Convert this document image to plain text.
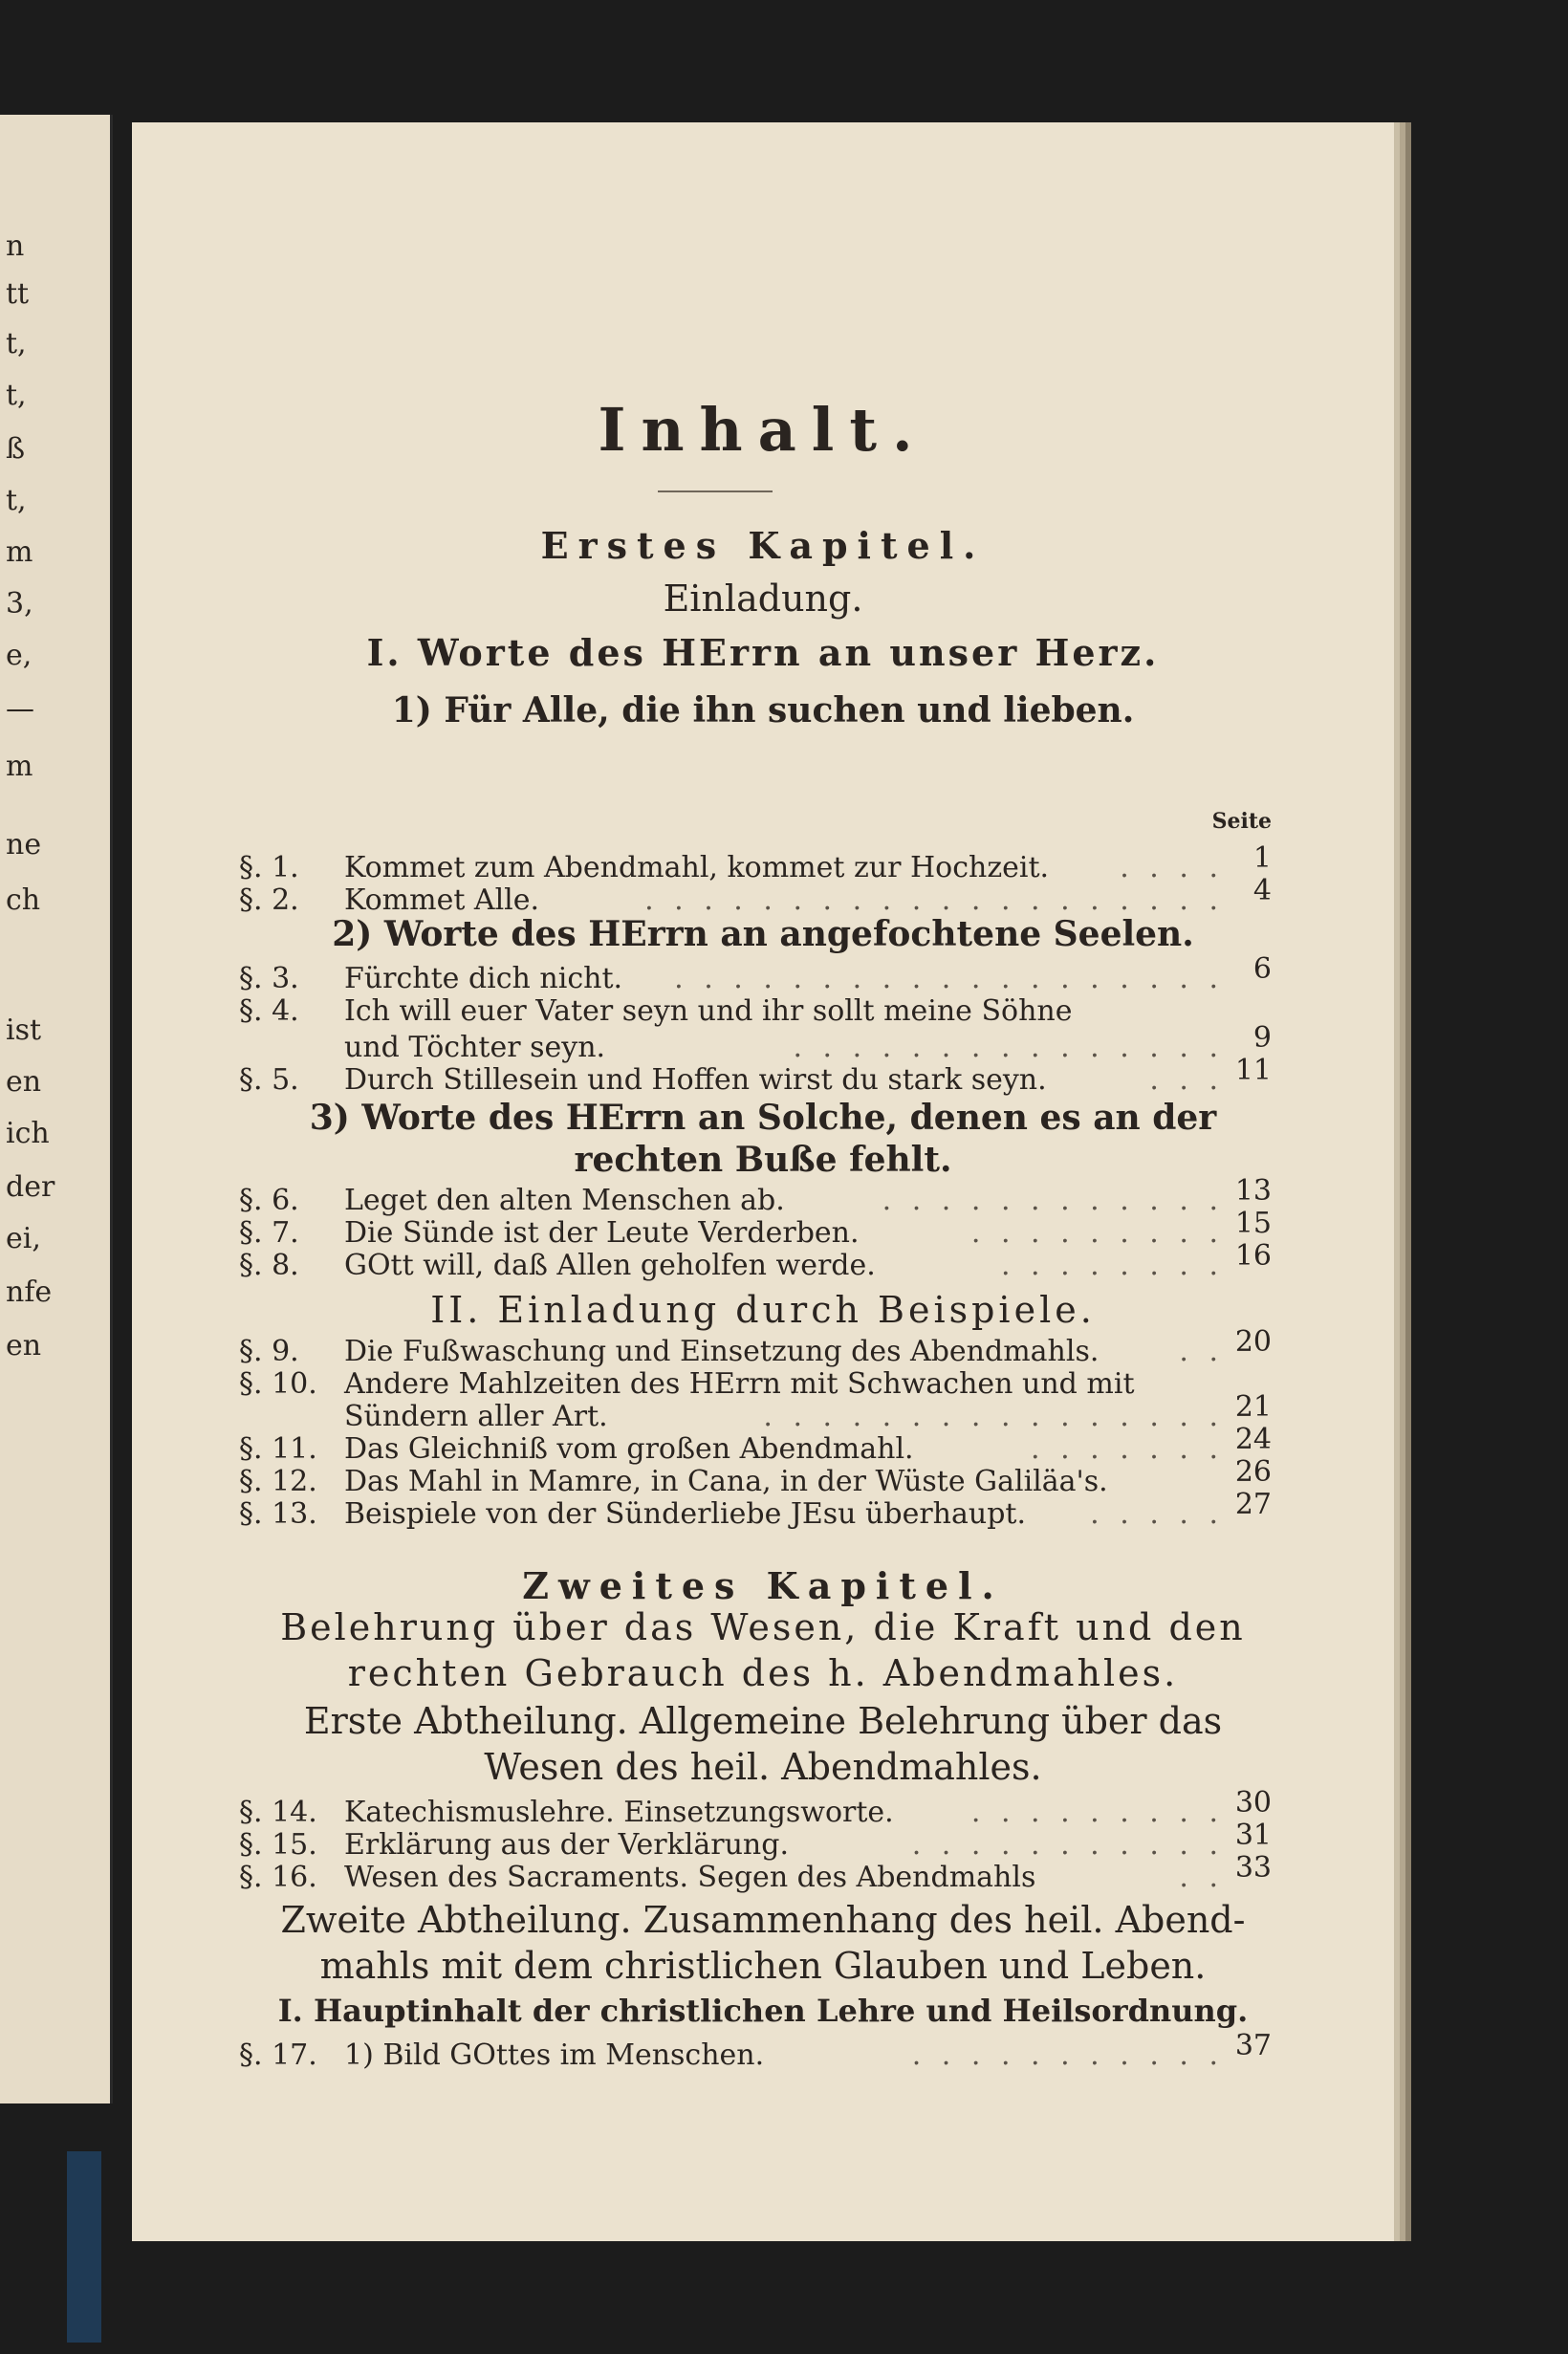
n
tt
t,
t,
ß
t,
m
3,
e,
—
m
ne
ch
ist
en
ich
der
ei,
nfe
en
Inhalt.
Erstes Kapitel.
Einladung.
I. Worte des HErrn an unser Herz.
1) Für Alle, die ihn suchen und lieben.
Seite
§. 1. Kommet zum Abendmahl, kommet zur Hochzeit. . . . . 1
§. 2. Kommet Alle.	. . . . . . . . . . . . . . . . . . . . 4
2) Worte des HErrn an angefochtene Seelen.
§. 3. Fürchte dich nicht. . . . . . . . . . . . . . . . . . . . 6
§. 4. Ich will euer Vater seyn und ihr sollt meine Söhne
und Töchter seyn.	. . . . . . . . . . . . . . . 9
§. 5. Durch Stillesein und Hoffen wirst du stark seyn.	. . . 11
3) Worte des HErrn an Solche, denen es an der
rechten Buße fehlt.
§. 6. Leget den alten Menschen ab.	. . . . . . . . . . . . 13
§. 7. Die Sünde ist der Leute Verderben.	. . . . . . . . . 15
§. 8. GOtt will, daß Allen geholfen werde.	. . . . . . . . 16
II. Einladung durch Beispiele.
§. 9. Die Fußwaschung und Einsetzung des Abendmahls.	. . 20
§. 10. Andere Mahlzeiten des HErrn mit Schwachen und mit
Sündern aller Art.	. . . . . . . . . . . . . . . . 21
§. 11. Das Gleichniß vom großen Abendmahl.	. . . . . . . 24
§. 12. Das Mahl in Mamre, in Cana, in der Wüste Galiläa's.	26
§. 13. Beispiele von der Sünderliebe JEsu überhaupt. . . . . . 27
Zweites Kapitel.
Belehrung über das Wesen, die Kraft und den
rechten Gebrauch des h. Abendmahles.
Erste Abtheilung. Allgemeine Belehrung über das
Wesen des heil. Abendmahles.
§. 14. Katechismuslehre. Einsetzungsworte.	. . . . . . . . . 30
§. 15. Erklärung aus der Verklärung.	. . . . . . . . . . . 31
§. 16. Wesen des Sacraments. Segen des Abendmahls	. . 33
Zweite Abtheilung. Zusammenhang des heil. Abend-
mahls mit dem christlichen Glauben und Leben.
I. Hauptinhalt der christlichen Lehre und Heilsordnung.
§. 17. 1) Bild GOttes im Menschen.	. . . . . . . . . . . 37
